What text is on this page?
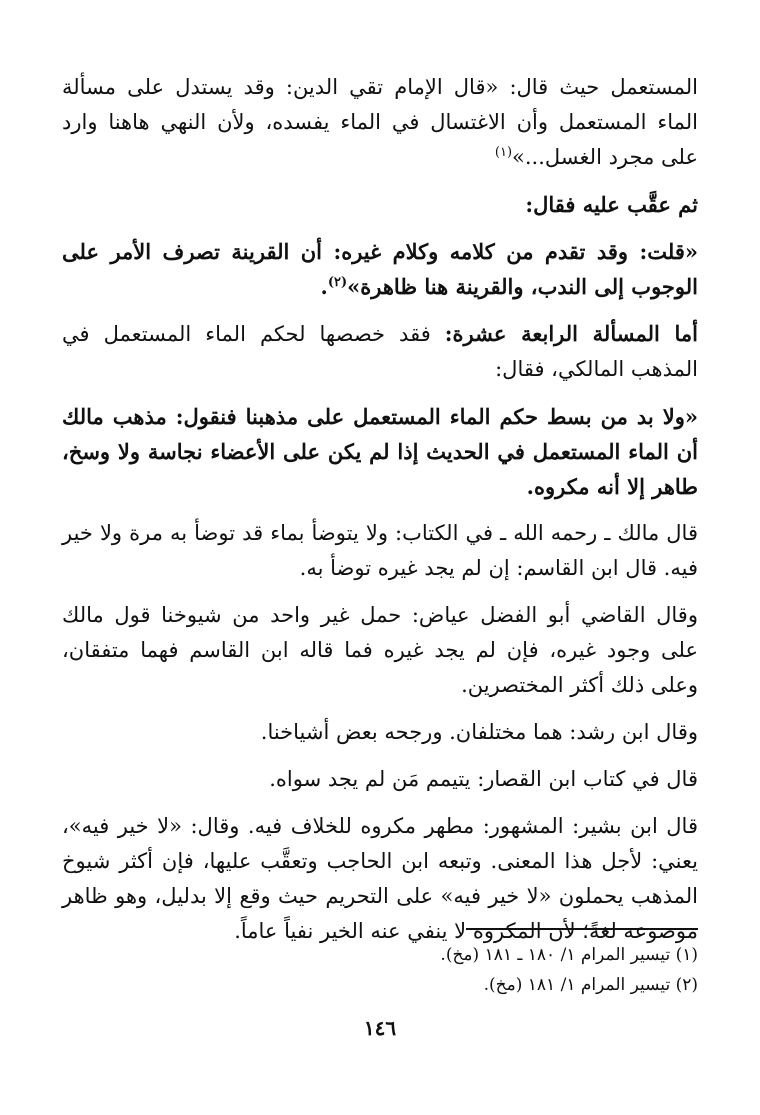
المستعمل حيث قال: «قال الإمام تقي الدين: وقد يستدل على مسألة الماء المستعمل وأن الاغتسال في الماء يفسده، ولأن النهي هاهنا وارد على مجرد الغسل...»$^{(١)}$

ثم عقَّب عليه فقال:

«قلت: وقد تقدم من كلامه وكلام غيره: أن القرينة تصرف الأمر على الوجوب إلى الندب، والقرينة هنا ظاهرة»$^{(٢)}$.

أما المسألة الرابعة عشرة: فقد خصصها لحكم الماء المستعمل في المذهب المالكي، فقال:

«ولا بد من بسط حكم الماء المستعمل على مذهبنا فنقول: مذهب مالك أن الماء المستعمل في الحديث إذا لم يكن على الأعضاء نجاسة ولا وسخ، طاهر إلا أنه مكروه.

قال مالك ـ رحمه الله ـ في الكتاب: ولا يتوضأ بماء قد توضأ به مرة ولا خير فيه. قال ابن القاسم: إن لم يجد غيره توضأ به.

وقال القاضي أبو الفضل عياض: حمل غير واحد من شيوخنا قول مالك على وجود غيره، فإن لم يجد غيره فما قاله ابن القاسم فهما متفقان، وعلى ذلك أكثر المختصرين.

وقال ابن رشد: هما مختلفان. ورجحه بعض أشياخنا.

قال في كتاب ابن القصار: يتيمم مَن لم يجد سواه.

قال ابن بشير: المشهور: مطهر مكروه للخلاف فيه. وقال: «لا خير فيه»، يعني: لأجل هذا المعنى. وتبعه ابن الحاجب وتعقَّب عليها، فإن أكثر شيوخ المذهب يحملون «لا خير فيه» على التحريم حيث وقع إلا بدليل، وهو ظاهر موضوعه لغةً؛ لأن المكروه لا ينفي عنه الخير نفياً عاماً.

(١) تيسير المرام ١/ ١٨٠ ـ ١٨١ (مخ).

(٢) تيسير المرام ١/ ١٨١ (مخ).

١٤٦
